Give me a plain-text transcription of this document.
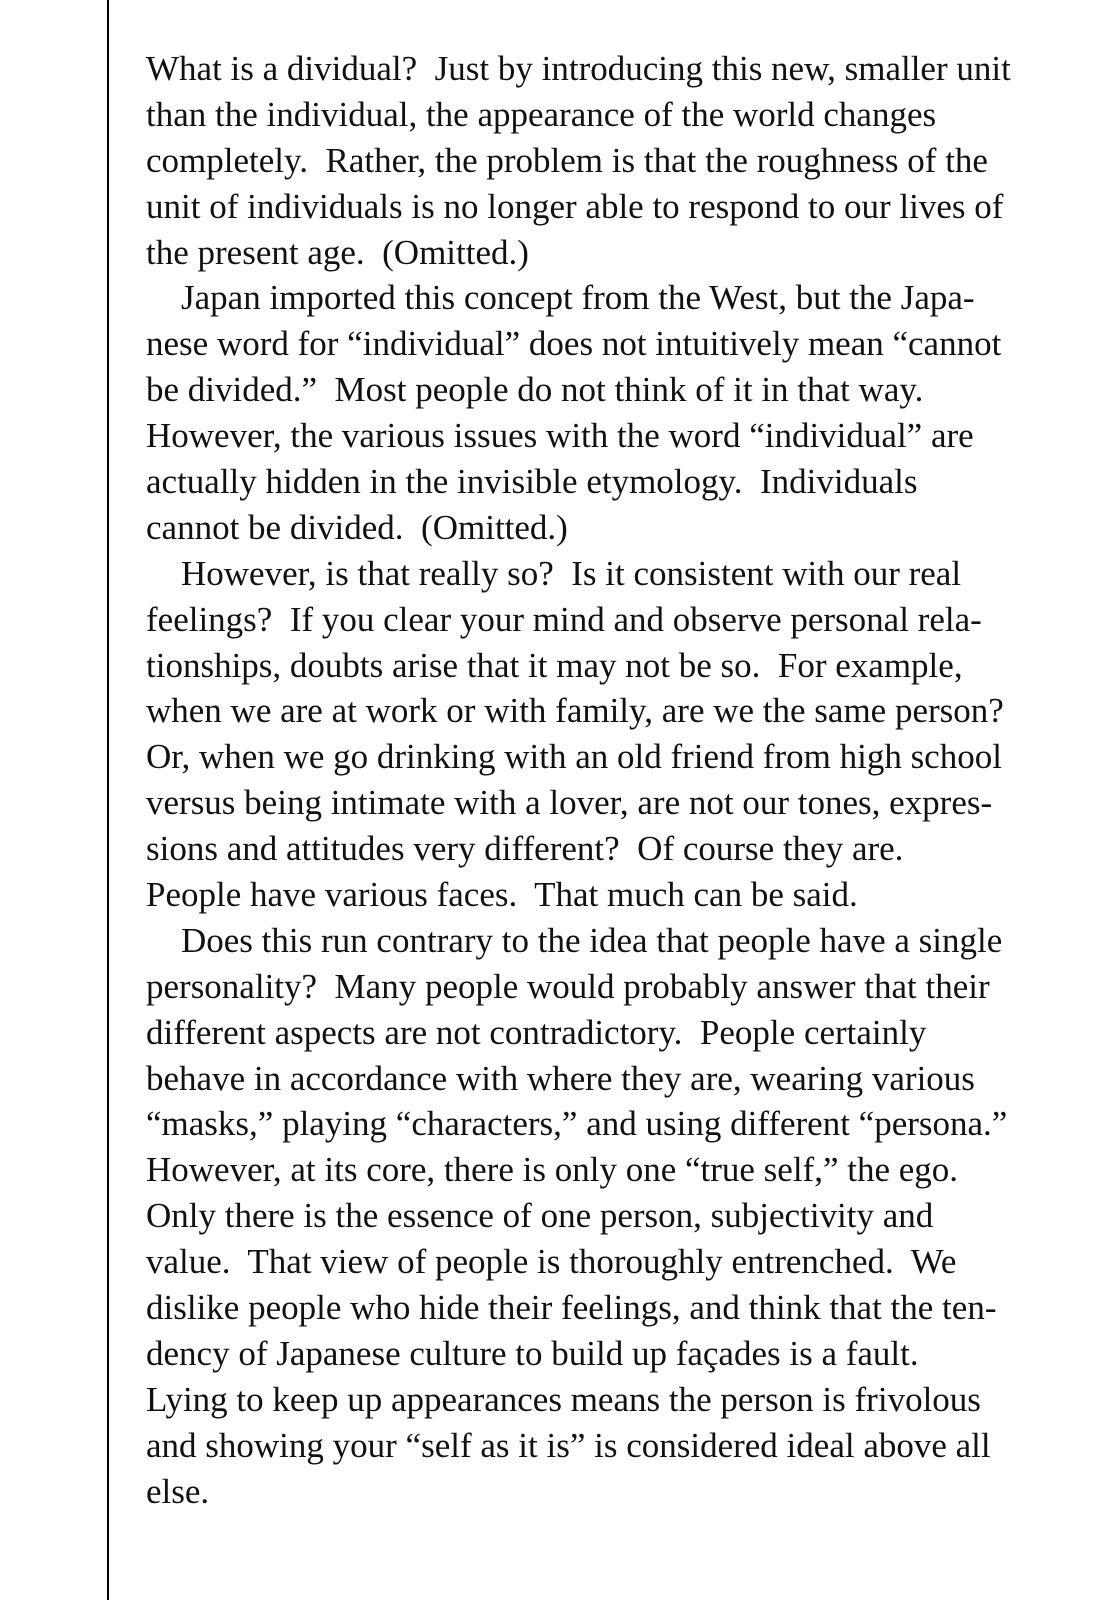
What is a dividual?  Just by introducing this new, smaller unit
than the individual, the appearance of the world changes
completely.  Rather, the problem is that the roughness of the
unit of individuals is no longer able to respond to our lives of
the present age.  (Omitted.)
Japan imported this concept from the West, but the Japa-
nese word for “individual” does not intuitively mean “cannot
be divided.”  Most people do not think of it in that way.
However, the various issues with the word “individual” are
actually hidden in the invisible etymology.  Individuals
cannot be divided.  (Omitted.)
However, is that really so?  Is it consistent with our real
feelings?  If you clear your mind and observe personal rela-
tionships, doubts arise that it may not be so.  For example,
when we are at work or with family, are we the same person?
Or, when we go drinking with an old friend from high school
versus being intimate with a lover, are not our tones, expres-
sions and attitudes very different?  Of course they are.
People have various faces.  That much can be said.
Does this run contrary to the idea that people have a single
personality?  Many people would probably answer that their
different aspects are not contradictory.  People certainly
behave in accordance with where they are, wearing various
“masks,” playing “characters,” and using different “persona.”
However, at its core, there is only one “true self,” the ego.
Only there is the essence of one person, subjectivity and
value.  That view of people is thoroughly entrenched.  We
dislike people who hide their feelings, and think that the ten-
dency of Japanese culture to build up façades is a fault.
Lying to keep up appearances means the person is frivolous
and showing your “self as it is” is considered ideal above all
else.
